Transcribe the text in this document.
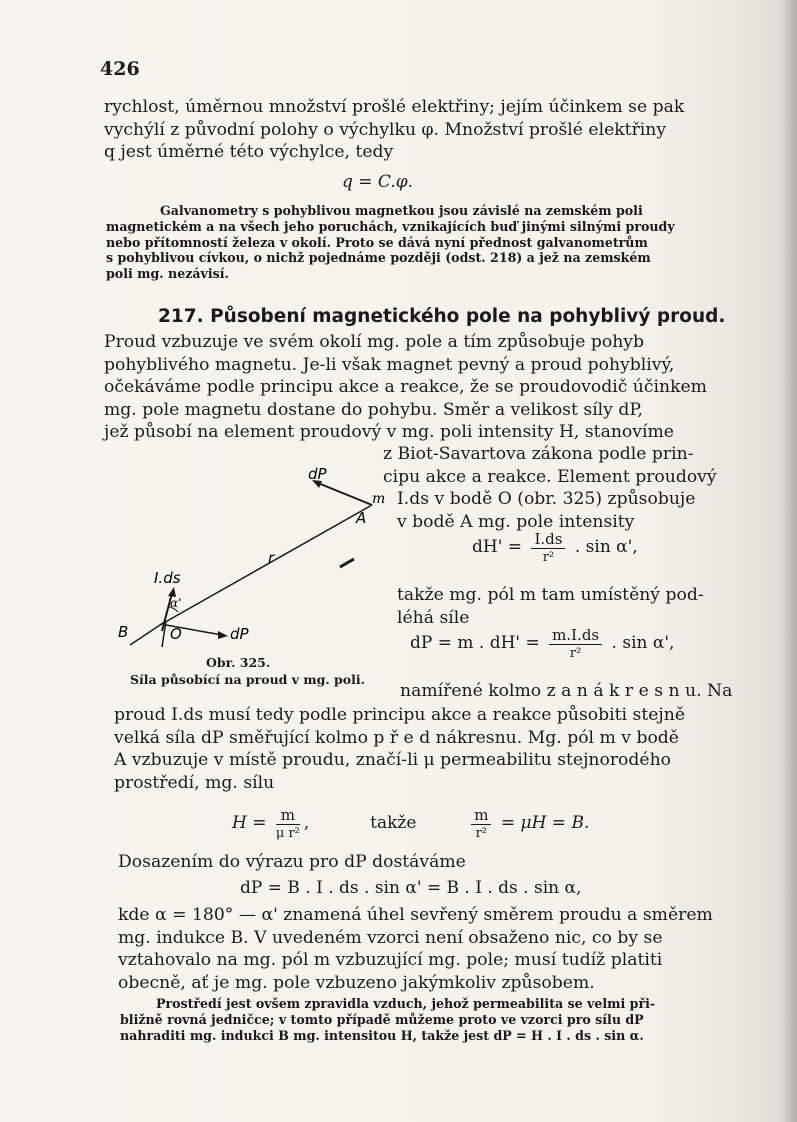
426
rychlost, úměrnou množství prošlé elektřiny; jejím účinkem se pak
vychýlí z původní polohy o výchylku φ. Množství prošlé elektřiny
q jest úměrné této výchylce, tedy
q = C.φ.
Galvanometry s pohyblivou magnetkou jsou závislé na zemském poli
magnetickém a na všech jeho poruchách, vznikajících buď jinými silnými proudy
nebo přítomností železa v okolí. Proto se dává nyní přednost galvanometrům
s pohyblivou cívkou, o nichž pojednáme později (odst. 218) a jež na zemském
poli mg. nezávisí.
217. Působení magnetického pole na pohyblivý proud.
Proud vzbuzuje ve svém okolí mg. pole a tím způsobuje pohyb
pohyblivého magnetu. Je-li však magnet pevný a proud pohyblivý,
očekáváme podle principu akce a reakce, že se proudovodič účinkem
mg. pole magnetu dostane do pohybu. Směr a velikost síly dP,
jež působí na element proudový v mg. poli intensity H, stanovíme
z Biot-Savartova zákona podle prin-
cipu akce a reakce. Element proudový
I.ds v bodě O (obr. 325) způsobuje
v bodě A mg. pole intensity
$dH' = \frac{I.ds}{\text{r²}}$ . sin α',
takže mg. pól m tam umístěný pod-
léhá síle
dP = m . $dH' = \frac{m.I.ds}{\text{r²}}$ . sin α',
dP
m
A
r
I.ds
α'
B	O	dP
Obr. 325.
Síla působící na proud v mg. poli.
namířené kolmo z a n á k r e s n u. Na
proud I.ds musí tedy podle principu akce a reakce působiti stejně
velká síla dP směřující kolmo p ř e d nákresnu. Mg. pól m v bodě
A vzbuzuje v místě proudu, značí-li μ permeabilitu stejnorodého
prostředí, mg. sílu
$H = \frac{m}{\text{μ r²}}$ ,	takže	$\frac{m}{\text{r²}} = \mu H = B$.
Dosazením do výrazu pro dP dostáváme
dP = B . I . ds . sin α' = B . I . ds . sin α,
kde α = 180° — α' znamená úhel sevřený směrem proudu a směrem
mg. indukce B. V uvedeném vzorci není obsaženo nic, co by se
vztahovalo na mg. pól m vzbuzující mg. pole; musí tudíž platiti
obecně, ať je mg. pole vzbuzeno jakýmkoliv způsobem.
Prostředí jest ovšem zpravidla vzduch, jehož permeabilita se velmi při-
bližně rovná jedničce; v tomto případě můžeme proto ve vzorci pro sílu dP
nahraditi mg. indukci B mg. intensitou H, takže jest dP = H . I . ds . sin α.
